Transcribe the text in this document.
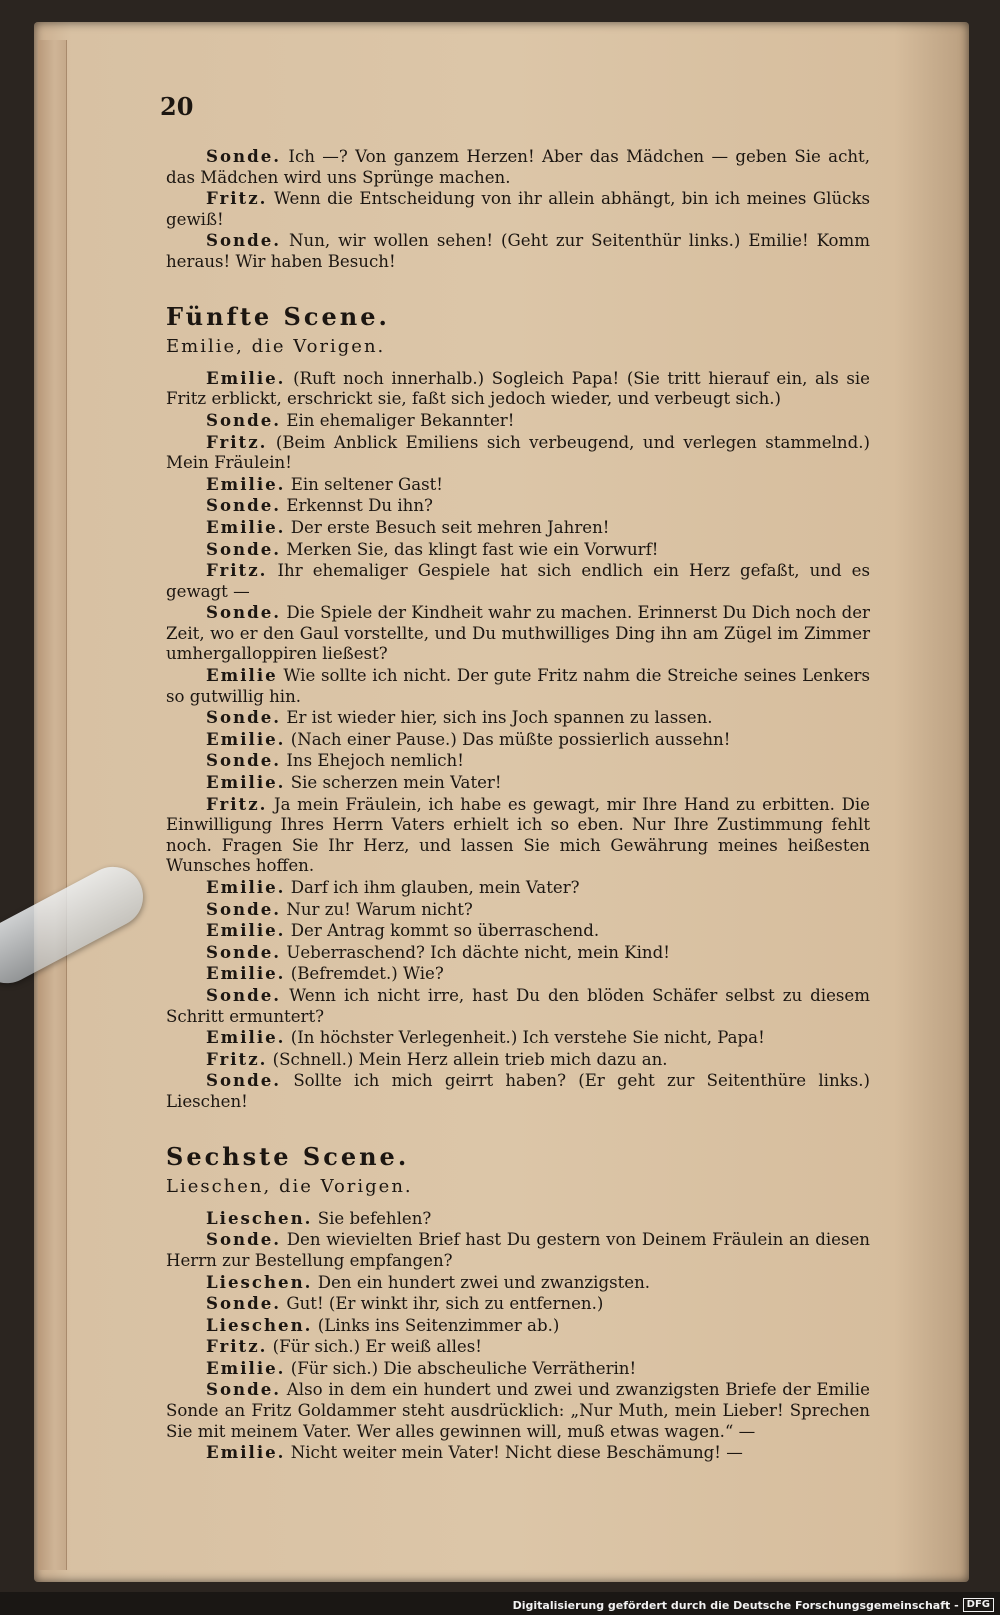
20

Sonde. Ich —? Von ganzem Herzen! Aber das Mädchen — geben Sie acht, das Mädchen wird uns Sprünge machen.

Fritz. Wenn die Entscheidung von ihr allein abhängt, bin ich meines Glücks gewiß!

Sonde. Nun, wir wollen sehen! (Geht zur Seitenthür links.) Emilie! Komm heraus! Wir haben Besuch!

Fünfte Scene.
Emilie, die Vorigen.

Emilie. (Ruft noch innerhalb.) Sogleich Papa! (Sie tritt hierauf ein, als sie Fritz erblickt, erschrickt sie, faßt sich jedoch wieder, und verbeugt sich.)

Sonde. Ein ehemaliger Bekannter!

Fritz. (Beim Anblick Emiliens sich verbeugend, und verlegen stammelnd.) Mein Fräulein!

Emilie. Ein seltener Gast!

Sonde. Erkennst Du ihn?

Emilie. Der erste Besuch seit mehren Jahren!

Sonde. Merken Sie, das klingt fast wie ein Vorwurf!

Fritz. Ihr ehemaliger Gespiele hat sich endlich ein Herz gefaßt, und es gewagt —

Sonde. Die Spiele der Kindheit wahr zu machen. Erinnerst Du Dich noch der Zeit, wo er den Gaul vorstellte, und Du muthwilliges Ding ihn am Zügel im Zimmer umhergalloppiren ließest?

Emilie Wie sollte ich nicht. Der gute Fritz nahm die Streiche seines Lenkers so gutwillig hin.

Sonde. Er ist wieder hier, sich ins Joch spannen zu lassen.

Emilie. (Nach einer Pause.) Das müßte possierlich aussehn!

Sonde. Ins Ehejoch nemlich!

Emilie. Sie scherzen mein Vater!

Fritz. Ja mein Fräulein, ich habe es gewagt, mir Ihre Hand zu erbitten. Die Einwilligung Ihres Herrn Vaters erhielt ich so eben. Nur Ihre Zustimmung fehlt noch. Fragen Sie Ihr Herz, und lassen Sie mich Gewährung meines heißesten Wunsches hoffen.

Emilie. Darf ich ihm glauben, mein Vater?

Sonde. Nur zu! Warum nicht?

Emilie. Der Antrag kommt so überraschend.

Sonde. Ueberraschend? Ich dächte nicht, mein Kind!

Emilie. (Befremdet.) Wie?

Sonde. Wenn ich nicht irre, hast Du den blöden Schäfer selbst zu diesem Schritt ermuntert?

Emilie. (In höchster Verlegenheit.) Ich verstehe Sie nicht, Papa!

Fritz. (Schnell.) Mein Herz allein trieb mich dazu an.

Sonde. Sollte ich mich geirrt haben? (Er geht zur Seitenthüre links.) Lieschen!

Sechste Scene.
Lieschen, die Vorigen.

Lieschen. Sie befehlen?

Sonde. Den wievielten Brief hast Du gestern von Deinem Fräulein an diesen Herrn zur Bestellung empfangen?

Lieschen. Den ein hundert zwei und zwanzigsten.

Sonde. Gut! (Er winkt ihr, sich zu entfernen.)

Lieschen. (Links ins Seitenzimmer ab.)

Fritz. (Für sich.) Er weiß alles!

Emilie. (Für sich.) Die abscheuliche Verrätherin!

Sonde. Also in dem ein hundert und zwei und zwanzigsten Briefe der Emilie Sonde an Fritz Goldammer steht ausdrücklich: „Nur Muth, mein Lieber! Sprechen Sie mit meinem Vater. Wer alles gewinnen will, muß etwas wagen.“ —

Emilie. Nicht weiter mein Vater! Nicht diese Beschämung! —

Digitalisierung gefördert durch die Deutsche Forschungsgemeinschaft - DFG
